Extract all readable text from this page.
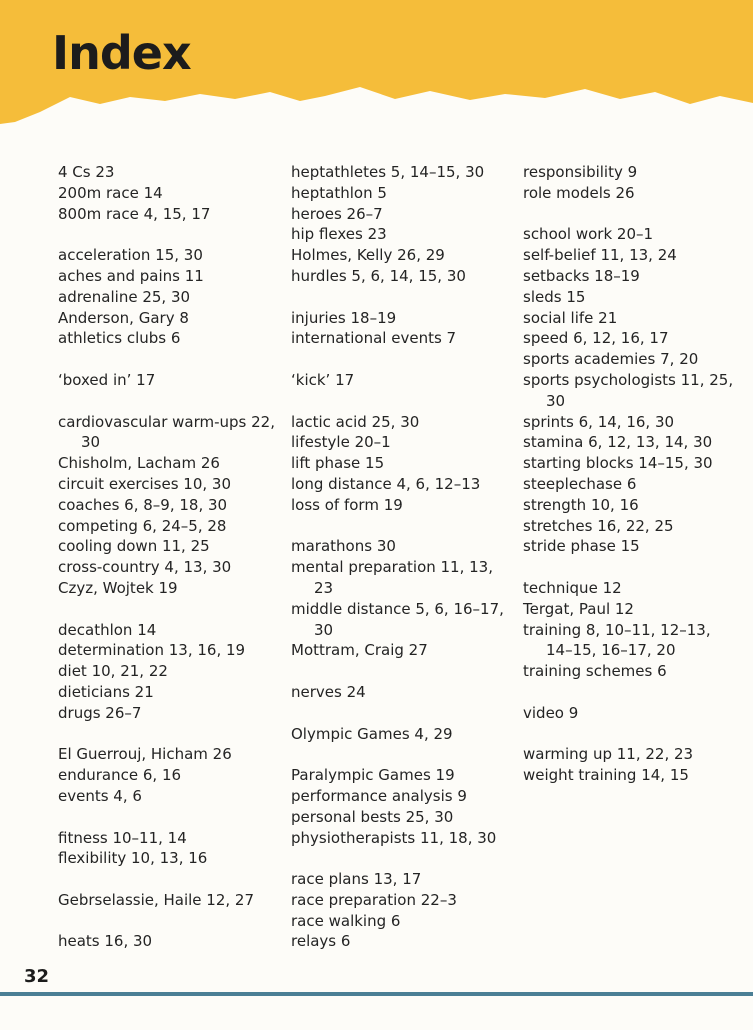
Index
4 Cs 23
200m race 14
800m race 4, 15, 17
acceleration 15, 30
aches and pains 11
adrenaline 25, 30
Anderson, Gary 8
athletics clubs 6
‘boxed in’ 17
cardiovascular warm-ups 22, 30
Chisholm, Lacham 26
circuit exercises 10, 30
coaches 6, 8–9, 18, 30
competing 6, 24–5, 28
cooling down 11, 25
cross-country 4, 13, 30
Czyz, Wojtek 19
decathlon 14
determination 13, 16, 19
diet 10, 21, 22
dieticians 21
drugs 26–7
El Guerrouj, Hicham 26
endurance 6, 16
events 4, 6
fitness 10–11, 14
flexibility 10, 13, 16
Gebrselassie, Haile 12, 27
heats 16, 30
heptathletes 5, 14–15, 30
heptathlon 5
heroes 26–7
hip flexes 23
Holmes, Kelly 26, 29
hurdles 5, 6, 14, 15, 30
injuries 18–19
international events 7
‘kick’ 17
lactic acid 25, 30
lifestyle 20–1
lift phase 15
long distance 4, 6, 12–13
loss of form 19
marathons 30
mental preparation 11, 13, 23
middle distance 5, 6, 16–17, 30
Mottram, Craig 27
nerves 24
Olympic Games 4, 29
Paralympic Games 19
performance analysis 9
personal bests 25, 30
physiotherapists 11, 18, 30
race plans 13, 17
race preparation 22–3
race walking 6
relays 6
responsibility 9
role models 26
school work 20–1
self-belief 11, 13, 24
setbacks 18–19
sleds 15
social life 21
speed 6, 12, 16, 17
sports academies 7, 20
sports psychologists 11, 25, 30
sprints 6, 14, 16, 30
stamina 6, 12, 13, 14, 30
starting blocks 14–15, 30
steeplechase 6
strength 10, 16
stretches 16, 22, 25
stride phase 15
technique 12
Tergat, Paul 12
training 8, 10–11, 12–13, 14–15, 16–17, 20
training schemes 6
video 9
warming up 11, 22, 23
weight training 14, 15
32
